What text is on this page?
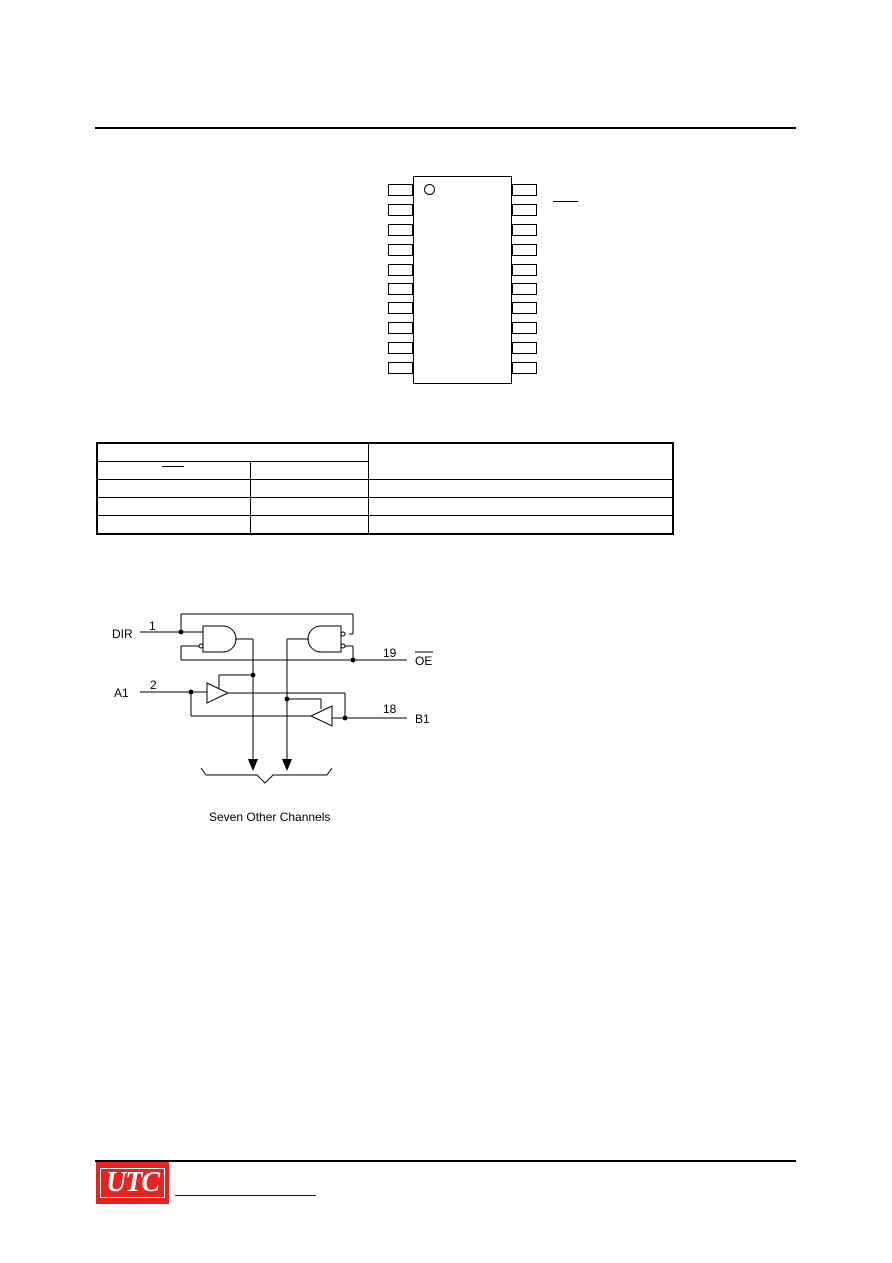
DIR
1
A1
2
19
OE
18
B1
Seven Other Channels
UTC
